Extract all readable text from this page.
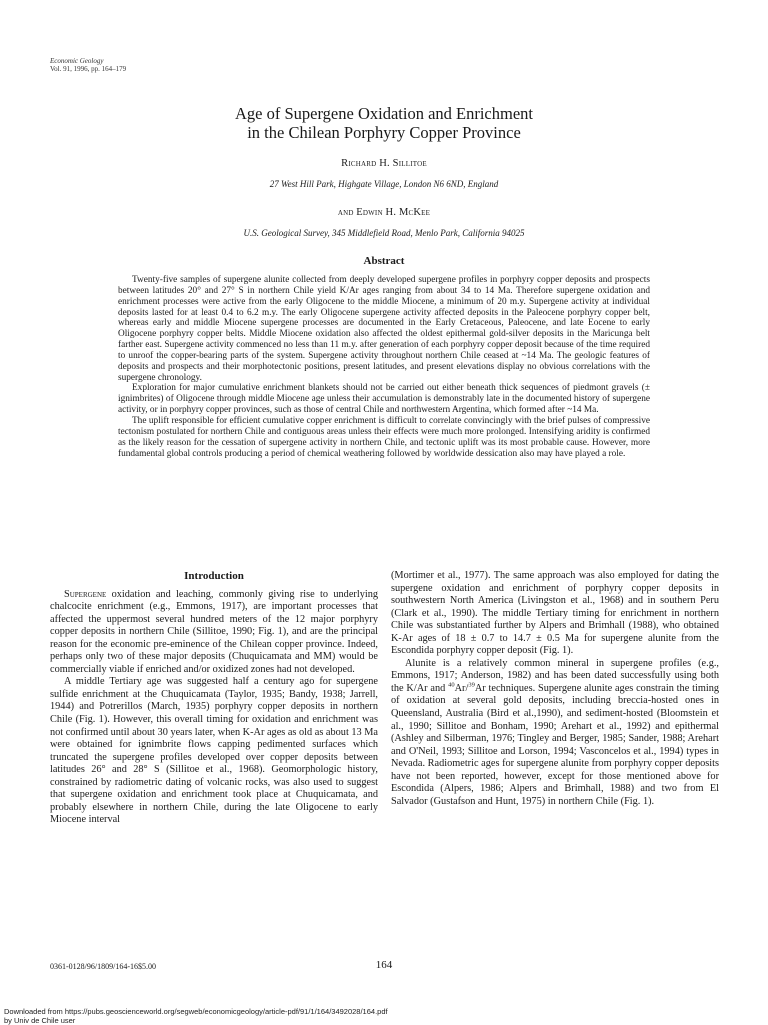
Economic Geology
Vol. 91, 1996, pp. 164–179
Age of Supergene Oxidation and Enrichment
in the Chilean Porphyry Copper Province
Richard H. Sillitoe
27 West Hill Park, Highgate Village, London N6 6ND, England
and Edwin H. McKee
U.S. Geological Survey, 345 Middlefield Road, Menlo Park, California 94025
Abstract

Twenty-five samples of supergene alunite collected from deeply developed supergene profiles in porphyry copper deposits and prospects between latitudes 20° and 27° S in northern Chile yield K/Ar ages ranging from about 34 to 14 Ma. Therefore supergene oxidation and enrichment processes were active from the early Oligocene to the middle Miocene, a minimum of 20 m.y. Supergene activity at individual deposits lasted for at least 0.4 to 6.2 m.y. The early Oligocene supergene activity affected deposits in the Paleocene porphyry copper belt, whereas early and middle Miocene supergene processes are documented in the Early Cretaceous, Paleocene, and late Eocene to early Oligocene porphyry copper belts. Middle Miocene oxidation also affected the oldest epithermal gold-silver deposits in the Maricunga belt farther east. Supergene activity commenced no less than 11 m.y. after generation of each porphyry copper deposit because of the time required to unroof the copper-bearing parts of the system. Supergene activity throughout northern Chile ceased at ~14 Ma. The geologic features of deposits and prospects and their morphotectonic positions, present latitudes, and present elevations display no obvious correlations with the supergene chronology.

Exploration for major cumulative enrichment blankets should not be carried out either beneath thick sequences of piedmont gravels (± ignimbrites) of Oligocene through middle Miocene age unless their accumulation is demonstrably late in the documented history of supergene activity, or in porphyry copper provinces, such as those of central Chile and northwestern Argentina, which formed after ~14 Ma.

The uplift responsible for efficient cumulative copper enrichment is difficult to correlate convincingly with the brief pulses of compressive tectonism postulated for northern Chile and contiguous areas unless their effects were much more prolonged. Intensifying aridity is confirmed as the likely reason for the cessation of supergene activity in northern Chile, and tectonic uplift was its most probable cause. However, more fundamental global controls producing a period of chemical weathering followed by worldwide dessication also may have played a role.

Introduction

Supergene oxidation and leaching, commonly giving rise to underlying chalcocite enrichment (e.g., Emmons, 1917), are important processes that affected the uppermost several hundred meters of the 12 major porphyry copper deposits in northern Chile (Sillitoe, 1990; Fig. 1), and are the principal reason for the economic pre-eminence of the Chilean copper province. Indeed, perhaps only two of these major deposits (Chuquicamata and MM) would be commercially viable if enriched and/or oxidized zones had not developed.

A middle Tertiary age was suggested half a century ago for supergene sulfide enrichment at the Chuquicamata (Taylor, 1935; Bandy, 1938; Jarrell, 1944) and Potrerillos (March, 1935) porphyry copper deposits in northern Chile (Fig. 1). However, this overall timing for oxidation and enrichment was not confirmed until about 30 years later, when K-Ar ages as old as about 13 Ma were obtained for ignimbrite flows capping pedimented surfaces which truncated the supergene profiles developed over copper deposits between latitudes 26° and 28° S (Sillitoe et al., 1968). Geomorphologic history, constrained by radiometric dating of volcanic rocks, was also used to suggest that supergene oxidation and enrichment took place at Chuquicamata, and probably elsewhere in northern Chile, during the late Oligocene to early Miocene interval

(Mortimer et al., 1977). The same approach was also employed for dating the supergene oxidation and enrichment of porphyry copper deposits in southwestern North America (Livingston et al., 1968) and in southern Peru (Clark et al., 1990). The middle Tertiary timing for enrichment in northern Chile was substantiated further by Alpers and Brimhall (1988), who obtained K-Ar ages of 18 ± 0.7 to 14.7 ± 0.5 Ma for supergene alunite from the Escondida porphyry copper deposit (Fig. 1).

Alunite is a relatively common mineral in supergene profiles (e.g., Emmons, 1917; Anderson, 1982) and has been dated successfully using both the K/Ar and $^{40}$Ar/$^{39}$Ar techniques. Supergene alunite ages constrain the timing of oxidation at several gold deposits, including breccia-hosted ones in Queensland, Australia (Bird et al.,1990), and sediment-hosted (Bloomstein et al., 1990; Sillitoe and Bonham, 1990; Arehart et al., 1992) and epithermal (Ashley and Silberman, 1976; Tingley and Berger, 1985; Sander, 1988; Arehart and O'Neil, 1993; Sillitoe and Lorson, 1994; Vasconcelos et al., 1994) types in Nevada. Radiometric ages for supergene alunite from porphyry copper deposits have not been reported, however, except for those mentioned above for Escondida (Alpers, 1986; Alpers and Brimhall, 1988) and two from El Salvador (Gustafson and Hunt, 1975) in northern Chile (Fig. 1).

0361-0128/96/1809/164-16$5.00	164
Downloaded from https://pubs.geoscienceworld.org/segweb/economicgeology/article-pdf/91/1/164/3492028/164.pdf
by Univ de Chile user
